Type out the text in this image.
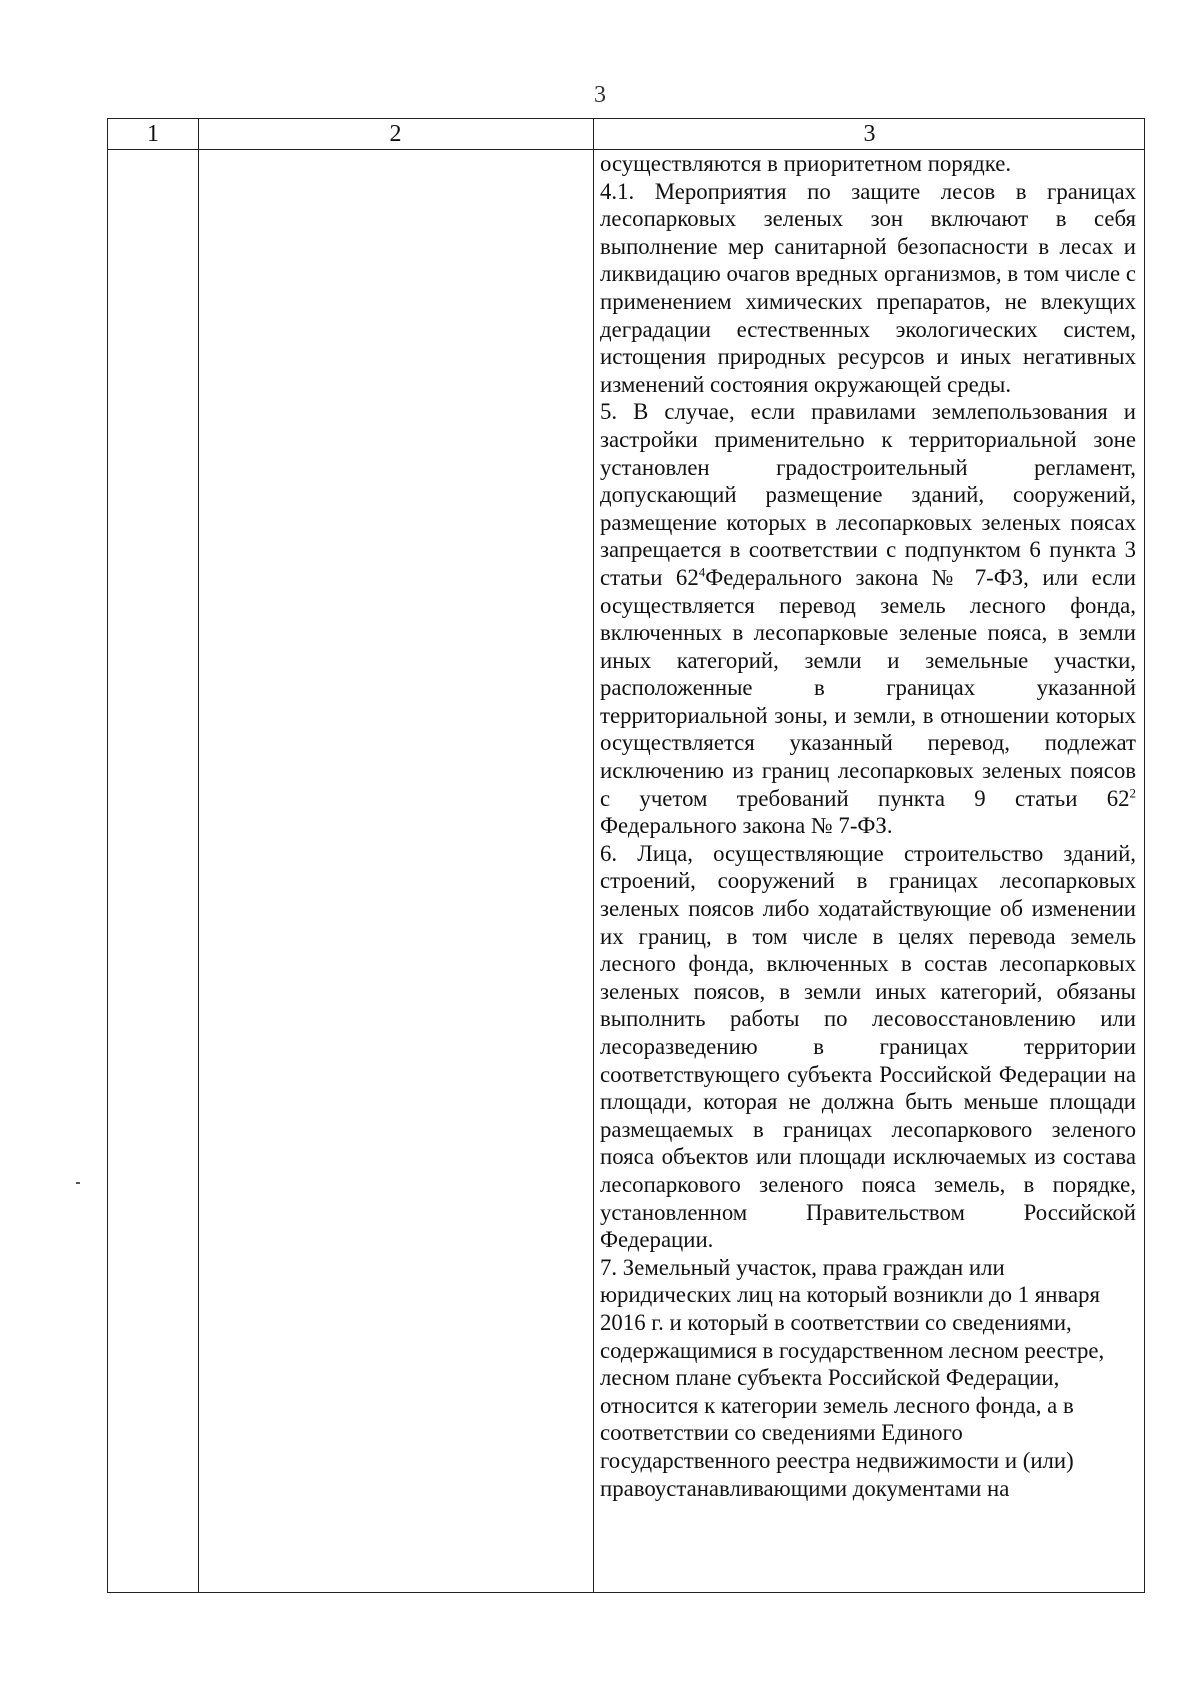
3
1	2	3

осуществляются в приоритетном порядке.

4.1. Мероприятия по защите лесов в границах лесопарковых зеленых зон включают в себя выполнение мер санитарной безопасности в лесах и ликвидацию очагов вредных организмов, в том числе с применением химических препаратов, не влекущих деградации естественных экологических систем, истощения природных ресурсов и иных негативных изменений состояния окружающей среды.

5. В случае, если правилами землепользования и застройки применительно к территориальной зоне установлен градостроительный регламент, допускающий размещение зданий, сооружений, размещение которых в лесопарковых зеленых поясах запрещается в соответствии с подпунктом 6 пункта 3 статьи $62^4Федерального$ закона № 7-ФЗ, или если осуществляется перевод земель лесного фонда, включенных в лесопарковые зеленые пояса, в земли иных категорий, земли и земельные участки, расположенные в границах указанной территориальной зоны, и земли, в отношении которых осуществляется указанный перевод, подлежат исключению из границ лесопарковых зеленых поясов с учетом требований пункта 9 статьи $62^2$ Федерального закона № 7-ФЗ.

6. Лица, осуществляющие строительство зданий, строений, сооружений в границах лесопарковых зеленых поясов либо ходатайствующие об изменении их границ, в том числе в целях перевода земель лесного фонда, включенных в состав лесопарковых зеленых поясов, в земли иных категорий, обязаны выполнить работы по лесовосстановлению или лесоразведению в границах территории соответствующего субъекта Российской Федерации на площади, которая не должна быть меньше площади размещаемых в границах лесопаркового зеленого пояса объектов или площади исключаемых из состава лесопаркового зеленого пояса земель, в порядке, установленном Правительством Российской Федерации.

7. Земельный участок, права граждан или юридических лиц на который возникли до 1 января 2016 г. и который в соответствии со сведениями, содержащимися в государственном лесном реестре, лесном плане субъекта Российской Федерации, относится к категории земель лесного фонда, а в соответствии со сведениями Единого государственного реестра недвижимости и (или) правоустанавливающими документами на
